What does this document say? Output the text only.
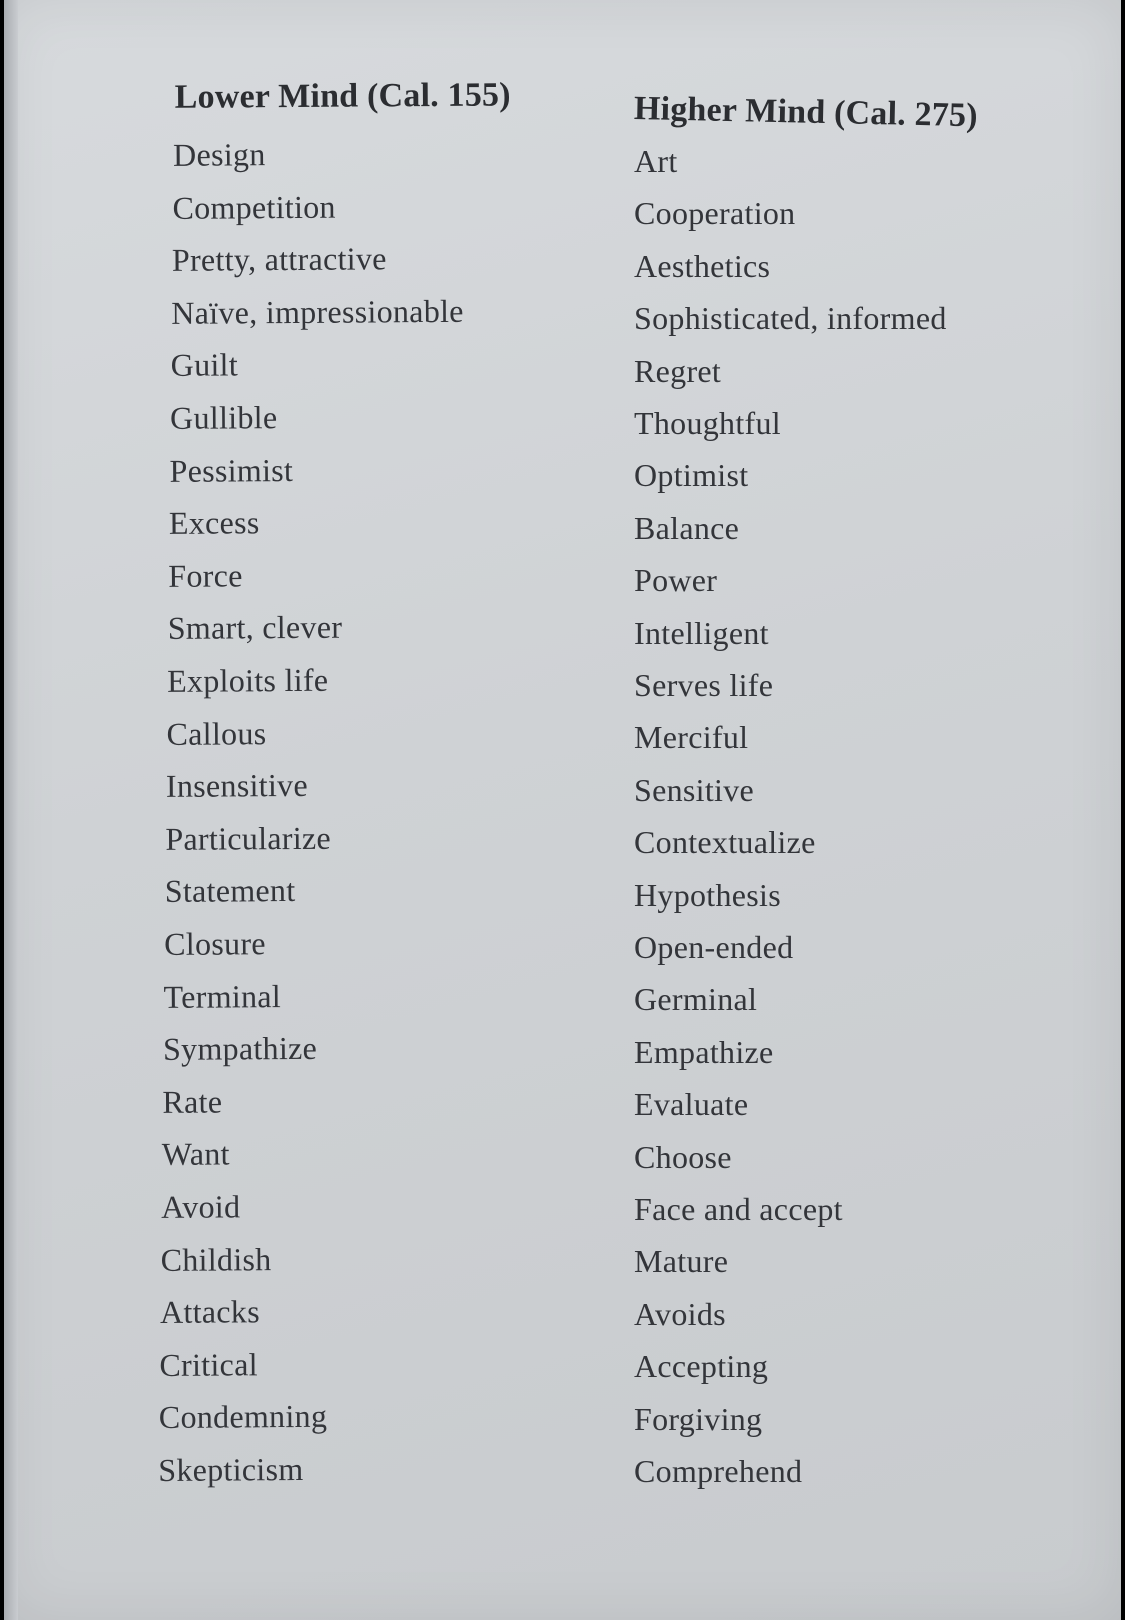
Lower Mind (Cal. 155)
Design
Competition
Pretty, attractive
Naïve, impressionable
Guilt
Gullible
Pessimist
Excess
Force
Smart, clever
Exploits life
Callous
Insensitive
Particularize
Statement
Closure
Terminal
Sympathize
Rate
Want
Avoid
Childish
Attacks
Critical
Condemning
Skepticism
Higher Mind (Cal. 275)
Art
Cooperation
Aesthetics
Sophisticated, informed
Regret
Thoughtful
Optimist
Balance
Power
Intelligent
Serves life
Merciful
Sensitive
Contextualize
Hypothesis
Open-ended
Germinal
Empathize
Evaluate
Choose
Face and accept
Mature
Avoids
Accepting
Forgiving
Comprehend
